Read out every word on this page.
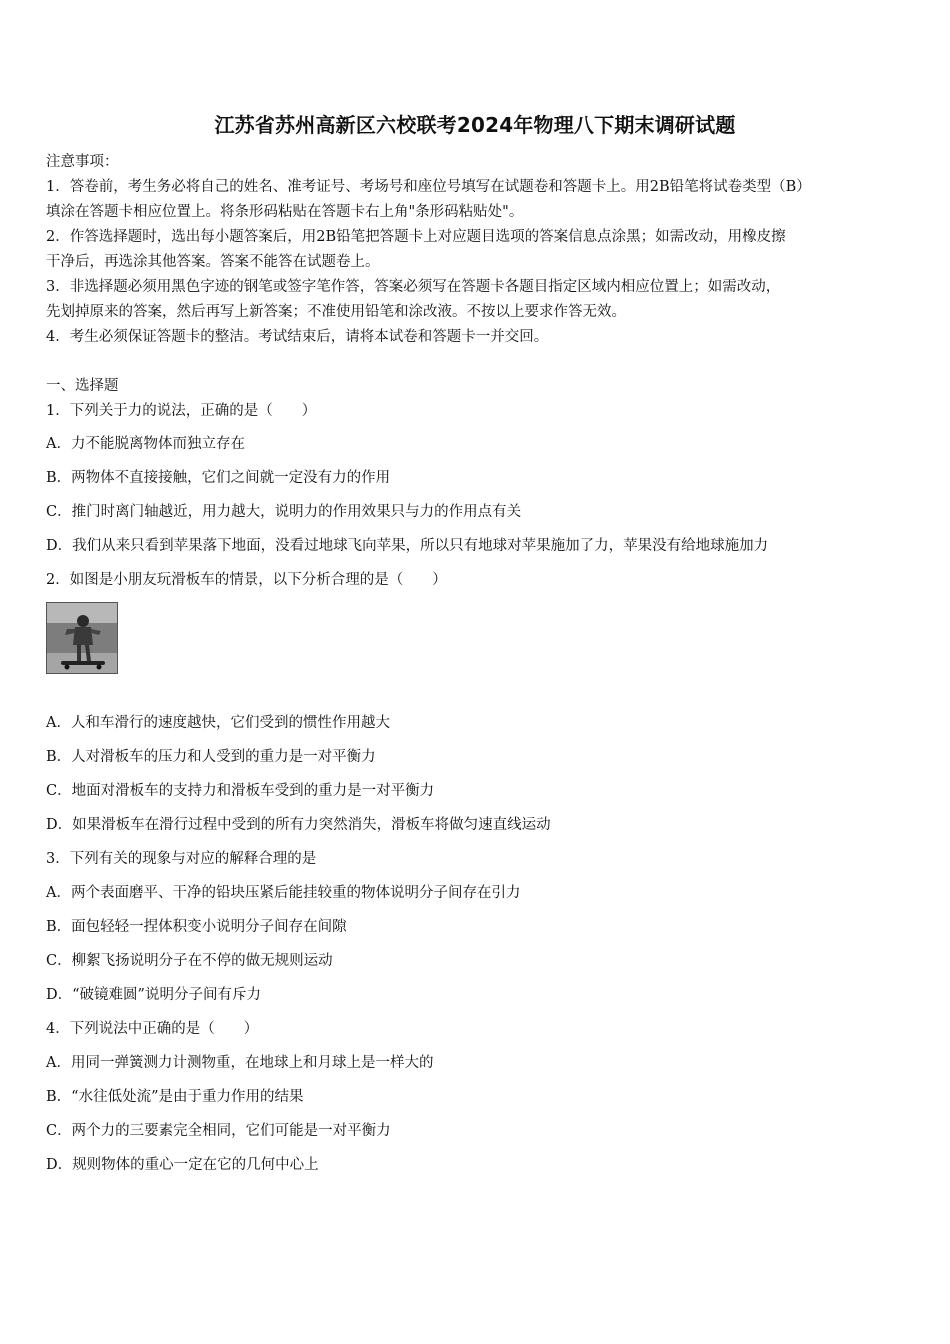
江苏省苏州高新区六校联考2024年物理八下期末调研试题
注意事项：
1．答卷前，考生务必将自己的姓名、准考证号、考场号和座位号填写在试题卷和答题卡上。用2B铅笔将试卷类型（B）
填涂在答题卡相应位置上。将条形码粘贴在答题卡右上角"条形码粘贴处"。
2．作答选择题时，选出每小题答案后，用2B铅笔把答题卡上对应题目选项的答案信息点涂黑；如需改动，用橡皮擦
干净后，再选涂其他答案。答案不能答在试题卷上。
3．非选择题必须用黑色字迹的钢笔或签字笔作答，答案必须写在答题卡各题目指定区域内相应位置上；如需改动，
先划掉原来的答案，然后再写上新答案；不准使用铅笔和涂改液。不按以上要求作答无效。
4．考生必须保证答题卡的整洁。考试结束后，请将本试卷和答题卡一并交回。
一、选择题
1．下列关于力的说法，正确的是（　　）
A．力不能脱离物体而独立存在
B．两物体不直接接触，它们之间就一定没有力的作用
C．推门时离门轴越近，用力越大，说明力的作用效果只与力的作用点有关
D．我们从来只看到苹果落下地面，没看过地球飞向苹果，所以只有地球对苹果施加了力，苹果没有给地球施加力
2．如图是小朋友玩滑板车的情景，以下分析合理的是（　　）
A．人和车滑行的速度越快，它们受到的惯性作用越大
B．人对滑板车的压力和人受到的重力是一对平衡力
C．地面对滑板车的支持力和滑板车受到的重力是一对平衡力
D．如果滑板车在滑行过程中受到的所有力突然消失，滑板车将做匀速直线运动
3．下列有关的现象与对应的解释合理的是
A．两个表面磨平、干净的铅块压紧后能挂较重的物体说明分子间存在引力
B．面包轻轻一捏体积变小说明分子间存在间隙
C．柳絮飞扬说明分子在不停的做无规则运动
D．“破镜难圆”说明分子间有斥力
4．下列说法中正确的是（　　）
A．用同一弹簧测力计测物重，在地球上和月球上是一样大的
B．“水往低处流”是由于重力作用的结果
C．两个力的三要素完全相同，它们可能是一对平衡力
D．规则物体的重心一定在它的几何中心上
